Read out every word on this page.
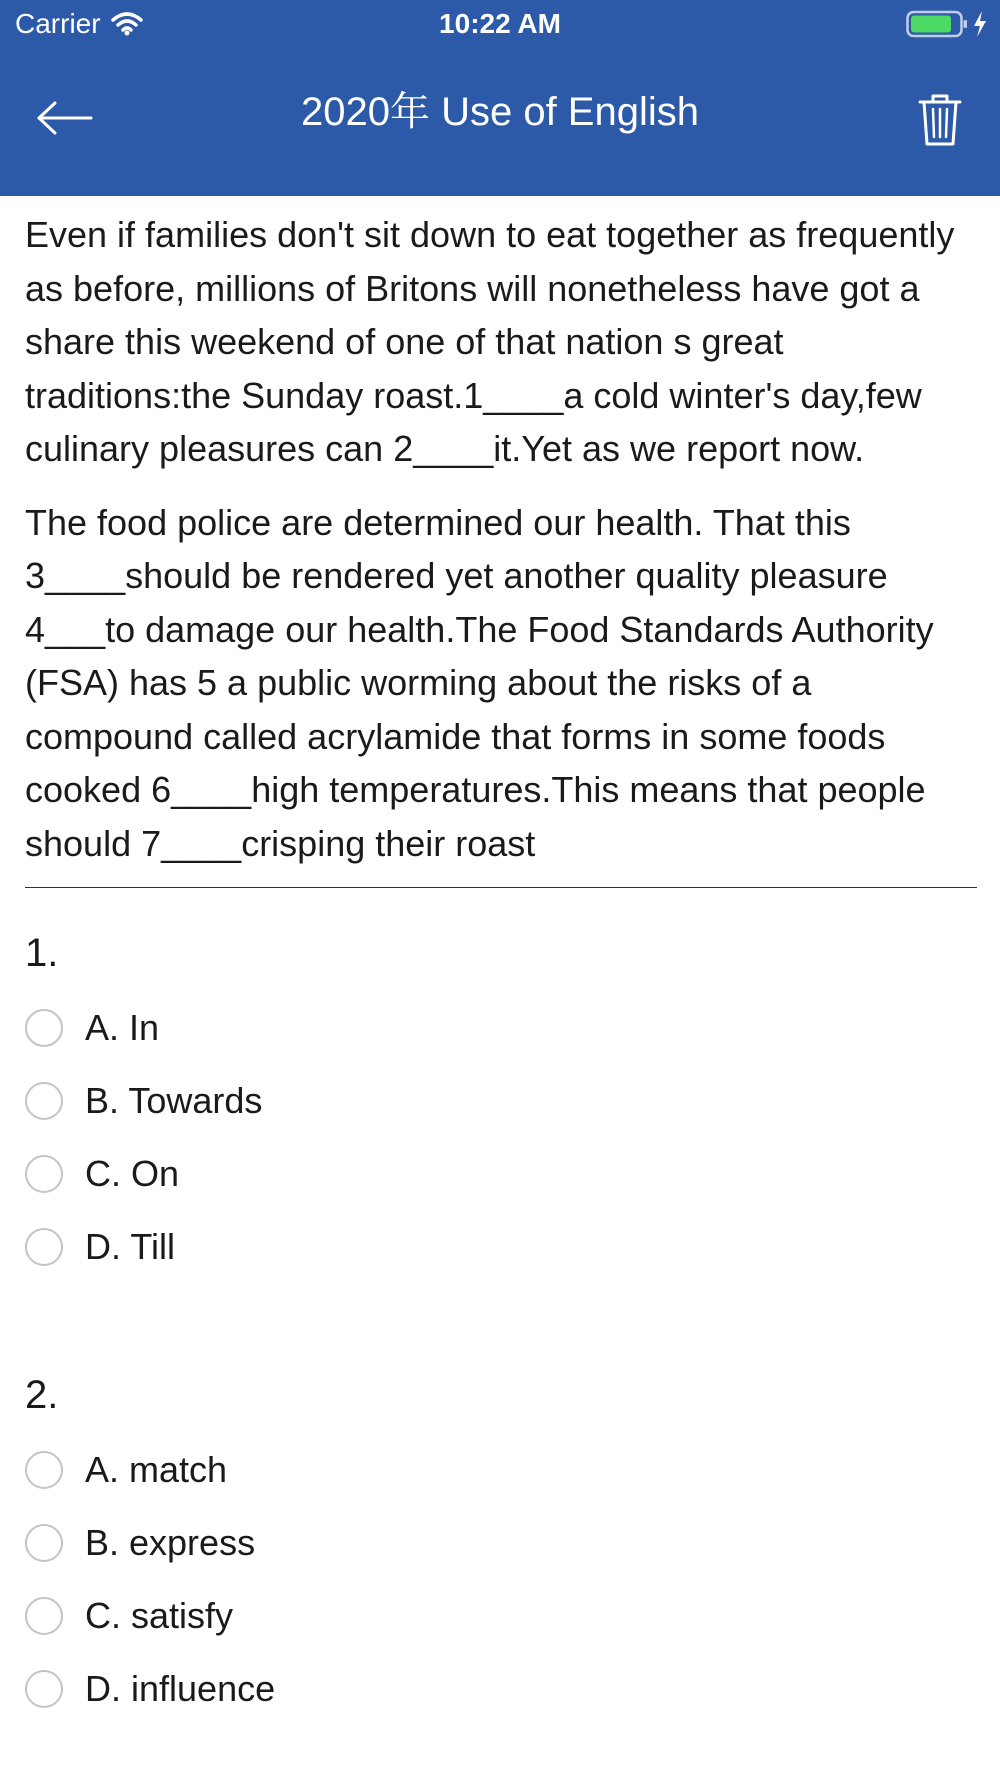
Carrier	10:22 AM
2020年 Use of English

Even if families don't sit down to eat together as frequently as before, millions of Britons will nonetheless have got a share this weekend of one of that nation s great traditions:the Sunday roast.1____a cold winter's day,few culinary pleasures can 2____it.Yet as we report now.

The food police are determined our health. That this 3____should be rendered yet another quality pleasure 4___to damage our health.The Food Standards Authority (FSA) has 5 a public worming about the risks of a compound called acrylamide that forms in some foods cooked 6____high temperatures.This means that people should 7____crisping their roast

1.
A. In
B. Towards
C. On
D. Till
2.
A. match
B. express
C. satisfy
D. influence
